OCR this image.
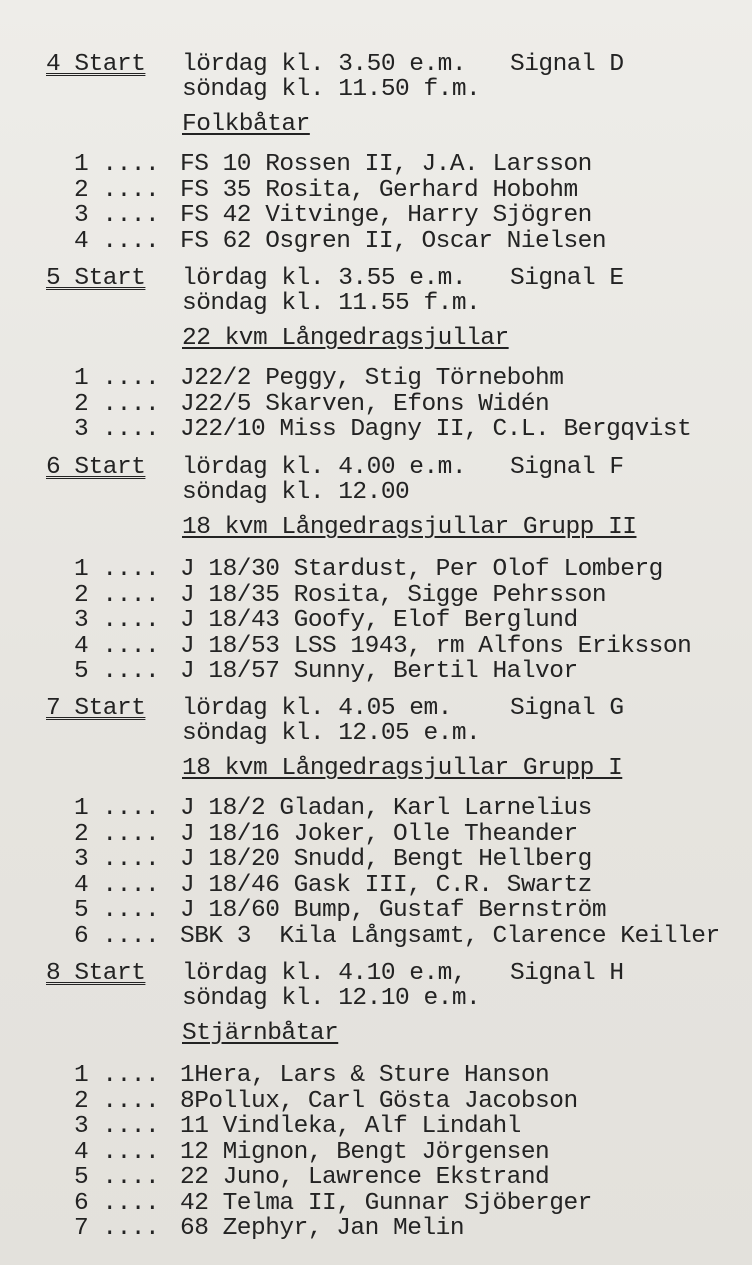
4 Start lördag kl. 3.50 e.m. Signal D
söndag kl. 11.50 f.m.
Folkbåtar
1 .... FS 10 Rossen II, J.A. Larsson
2 .... FS 35 Rosita, Gerhard Hobohm
3 .... FS 42 Vitvinge, Harry Sjögren
4 .... FS 62 Osgren II, Oscar Nielsen
5 Start lördag kl. 3.55 e.m. Signal E
söndag kl. 11.55 f.m.
22 kvm Långedragsjullar
1 .... J22/2 Peggy, Stig Törnebohm
2 .... J22/5 Skarven, Efons Widén
3 .... J22/10 Miss Dagny II, C.L. Bergqvist
6 Start lördag kl. 4.00 e.m. Signal F
söndag kl. 12.00
18 kvm Långedragsjullar Grupp II
1 .... J 18/30 Stardust, Per Olof Lomberg
2 .... J 18/35 Rosita, Sigge Pehrsson
3 .... J 18/43 Goofy, Elof Berglund
4 .... J 18/53 LSS 1943, rm Alfons Eriksson
5 .... J 18/57 Sunny, Bertil Halvor
7 Start lördag kl. 4.05 em. Signal G
söndag kl. 12.05 e.m.
18 kvm Långedragsjullar Grupp I
1 .... J 18/2 Gladan, Karl Larnelius
2 .... J 18/16 Joker, Olle Theander
3 .... J 18/20 Snudd, Bengt Hellberg
4 .... J 18/46 Gask III, C.R. Swartz
5 .... J 18/60 Bump, Gustaf Bernström
6 .... SBK 3  Kila Långsamt, Clarence Keiller
8 Start lördag kl. 4.10 e.m, Signal H
söndag kl. 12.10 e.m.
Stjärnbåtar
1 .... 1Hera, Lars & Sture Hanson
2 .... 8Pollux, Carl Gösta Jacobson
3 .... 11 Vindleka, Alf Lindahl
4 .... 12 Mignon, Bengt Jörgensen
5 .... 22 Juno, Lawrence Ekstrand
6 .... 42 Telma II, Gunnar Sjöberger
7 .... 68 Zephyr, Jan Melin
